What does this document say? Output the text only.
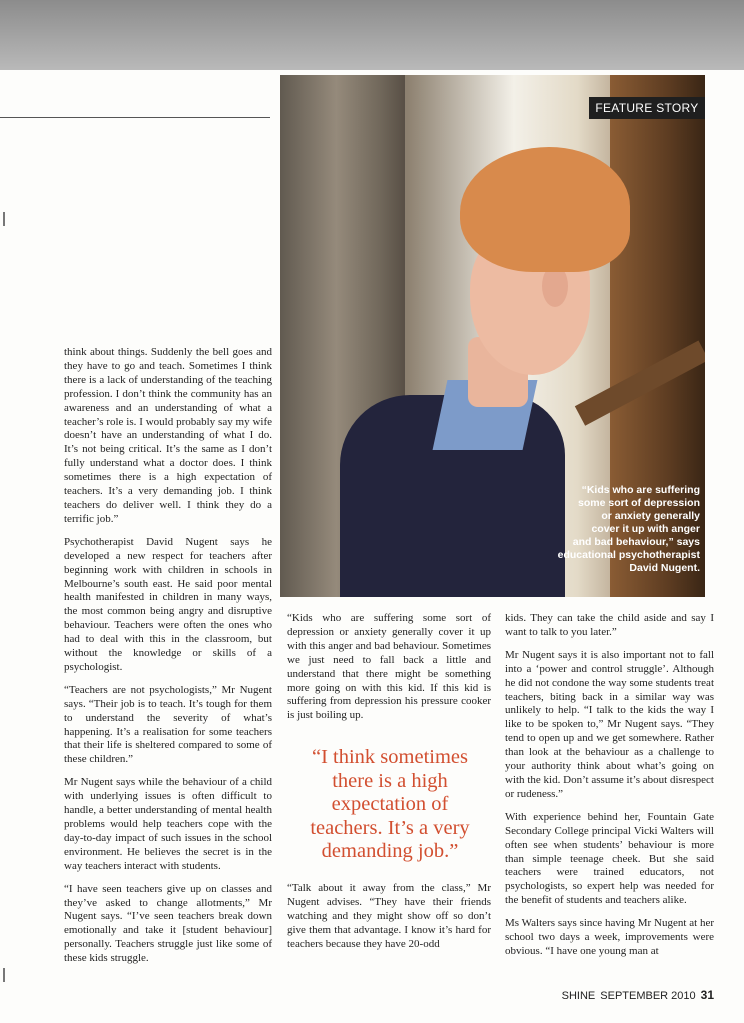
FEATURE STORY
“Kids who are suffering
some sort of depression
or anxiety generally
cover it up with anger
and bad behaviour,” says
educational psychotherapist
David Nugent.

think about things. Suddenly the bell goes and they have to go and teach. Sometimes I think there is a lack of understanding of the teaching profession. I don’t think the community has an awareness and an understanding of what a teacher’s role is. I would probably say my wife doesn’t have an understanding of what I do. It’s not being critical. It’s the same as I don’t fully understand what a doctor does. I think sometimes there is a high expectation of teachers. It’s a very demanding job. I think teachers do deliver well. I think they do a terrific job.”

Psychotherapist David Nugent says he developed a new respect for teachers after beginning work with children in schools in Melbourne’s south east. He said poor mental health manifested in children in many ways, the most common being angry and disruptive behaviour. Teachers were often the ones who had to deal with this in the classroom, but without the knowledge or skills of a psychologist.

“Teachers are not psychologists,” Mr Nugent says. “Their job is to teach. It’s tough for them to understand the severity of what’s happening. It’s a realisation for some teachers that their life is sheltered compared to some of these children.”

Mr Nugent says while the behaviour of a child with underlying issues is often difficult to handle, a better understanding of mental health problems would help teachers cope with the day-to-day impact of such issues in the school environment. He believes the secret is in the way teachers interact with students.

“I have seen teachers give up on classes and they’ve asked to change allotments,” Mr Nugent says. “I’ve seen teachers break down emotionally and take it [student behaviour] personally. Teachers struggle just like some of these kids struggle.

“Kids who are suffering some sort of depression or anxiety generally cover it up with this anger and bad behaviour. Sometimes we just need to fall back a little and understand that there might be something more going on with this kid. If this kid is suffering from depression his pressure cooker is just boiling up.

“I think sometimes there is a high expectation of teachers. It’s a very demanding job.”

“Talk about it away from the class,” Mr Nugent advises. “They have their friends watching and they might show off so don’t give them that advantage. I know it’s hard for teachers because they have 20-odd

kids. They can take the child aside and say I want to talk to you later.”

Mr Nugent says it is also important not to fall into a ‘power and control struggle’. Although he did not condone the way some students treat teachers, biting back in a similar way was unlikely to help. “I talk to the kids the way I like to be spoken to,” Mr Nugent says. “They tend to open up and we get somewhere. Rather than look at the behaviour as a challenge to your authority think about what’s going on with the kid. Don’t assume it’s about disrespect or rudeness.”

With experience behind her, Fountain Gate Secondary College principal Vicki Walters will often see when students’ behaviour is more than simple teenage cheek. But she said teachers were trained educators, not psychologists, so expert help was needed for the benefit of students and teachers alike.

Ms Walters says since having Mr Nugent at her school two days a week, improvements were obvious. “I have one young man at

SHINE SEPTEMBER 2010 31
